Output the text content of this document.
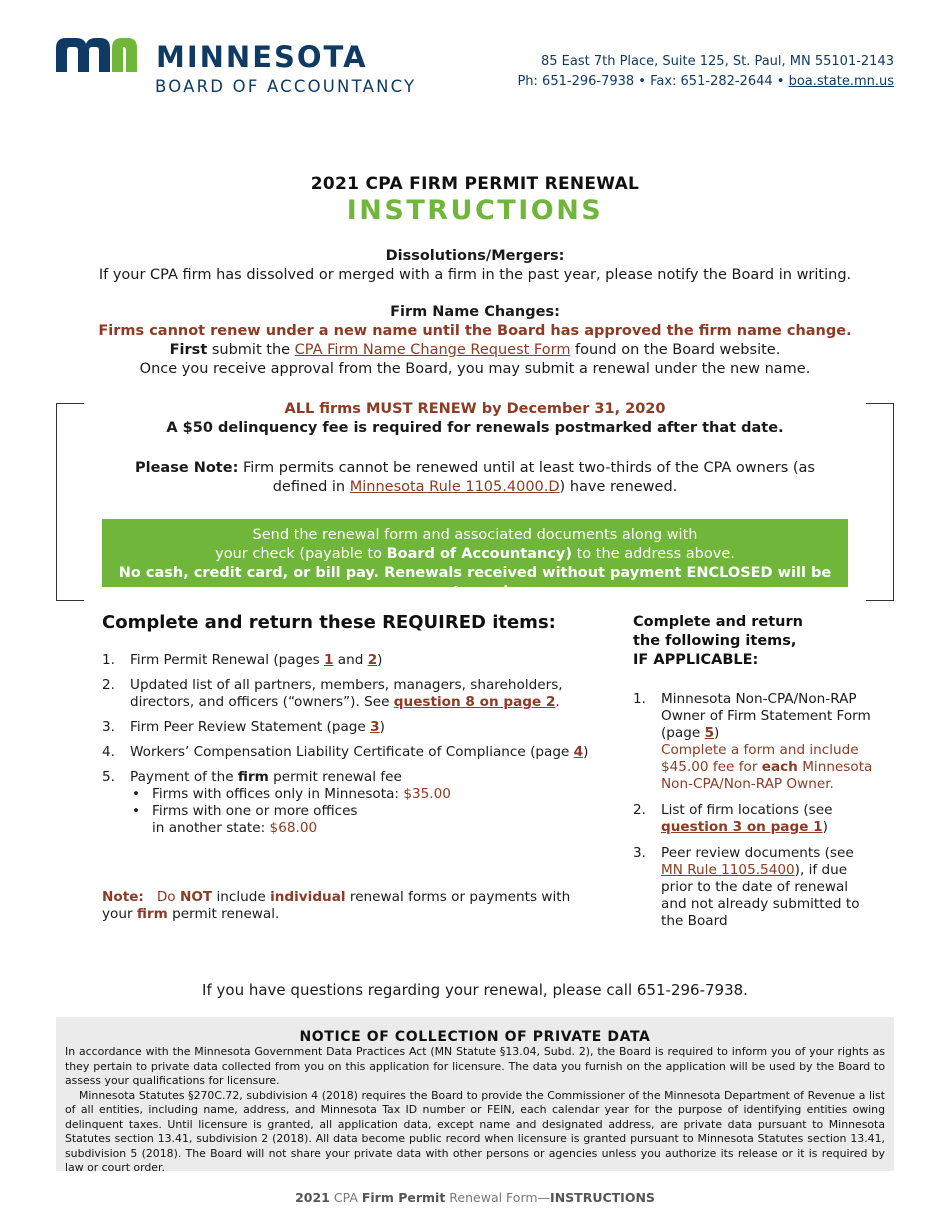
MINNESOTA
BOARD OF ACCOUNTANCY
85 East 7th Place, Suite 125, St. Paul, MN 55101-2143
Ph: 651-296-7938 • Fax: 651-282-2644 • boa.state.mn.us
2021 CPA FIRM PERMIT RENEWAL
INSTRUCTIONS
Dissolutions/Mergers:
If your CPA firm has dissolved or merged with a firm in the past year, please notify the Board in writing.
Firm Name Changes:
Firms cannot renew under a new name until the Board has approved the firm name change.
First submit the CPA Firm Name Change Request Form found on the Board website.
Once you receive approval from the Board, you may submit a renewal under the new name.
ALL firms MUST RENEW by December 31, 2020
A $50 delinquency fee is required for renewals postmarked after that date.
Please Note: Firm permits cannot be renewed until at least two-thirds of the CPA owners (as defined in Minnesota Rule 1105.4000.D) have renewed.
Send the renewal form and associated documents along with
your check (payable to Board of Accountancy) to the address above.
No cash, credit card, or bill pay. Renewals received without payment ENCLOSED will be returned.
Complete and return these REQUIRED items:
1. Firm Permit Renewal (pages 1 and 2)
2. Updated list of all partners, members, managers, shareholders, directors, and officers (“owners”). See question 8 on page 2.
3. Firm Peer Review Statement (page 3)
4. Workers’ Compensation Liability Certificate of Compliance (page 4)
5. Payment of the firm permit renewal fee
• Firms with offices only in Minnesota: $35.00
• Firms with one or more offices
in another state: $68.00
Note:   Do NOT include individual renewal forms or payments with your firm permit renewal.
Complete and return
the following items,
IF APPLICABLE:
1. Minnesota Non-CPA/Non-RAP Owner of Firm Statement Form (page 5)
Complete a form and include $45.00 fee for each Minnesota Non-CPA/Non-RAP Owner.
2. List of firm locations (see question 3 on page 1)
3. Peer review documents (see MN Rule 1105.5400), if due prior to the date of renewal and not already submitted to the Board
If you have questions regarding your renewal, please call 651-296-7938.
NOTICE OF COLLECTION OF PRIVATE DATA

In accordance with the Minnesota Government Data Practices Act (MN Statute §13.04, Subd. 2), the Board is required to inform you of your rights as they pertain to private data collected from you on this application for licensure. The data you furnish on the application will be used by the Board to assess your qualifications for licensure.

Minnesota Statutes §270C.72, subdivision 4 (2018) requires the Board to provide the Commissioner of the Minnesota Department of Revenue a list of all entities, including name, address, and Minnesota Tax ID number or FEIN, each calendar year for the purpose of identifying entities owing delinquent taxes. Until licensure is granted, all application data, except name and designated address, are private data pursuant to Minnesota Statutes section 13.41, subdivision 2 (2018). All data become public record when licensure is granted pursuant to Minnesota Statutes section 13.41, subdivision 5 (2018). The Board will not share your private data with other persons or agencies unless you authorize its release or it is required by law or court order.

2021 CPA Firm Permit Renewal Form—INSTRUCTIONS
